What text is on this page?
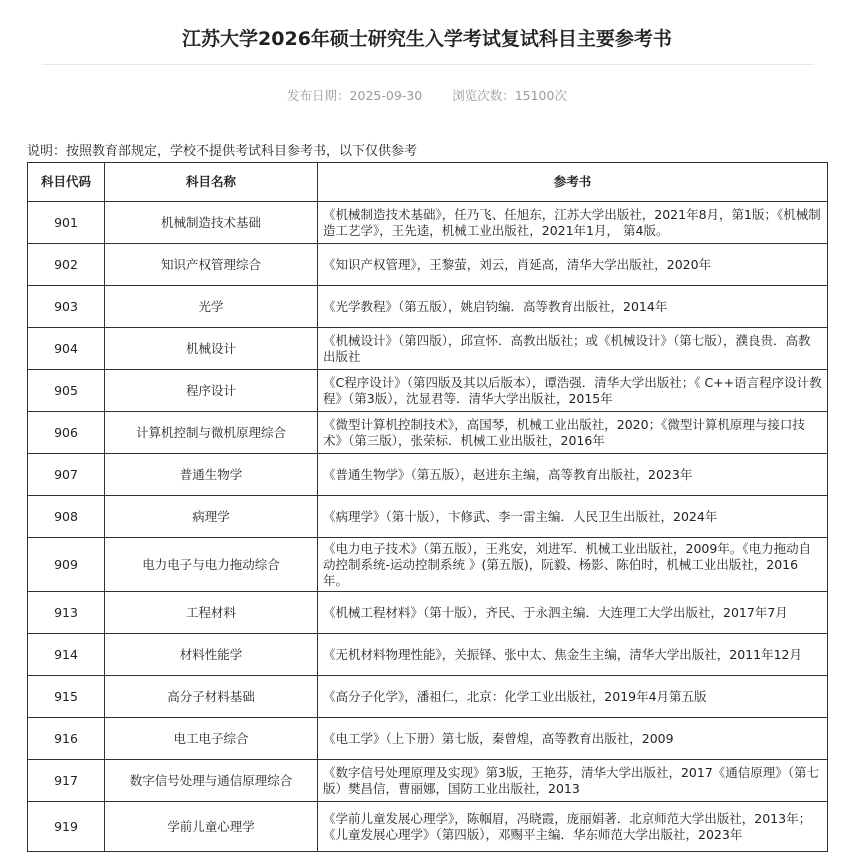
江苏大学2026年硕士研究生入学考试复试科目主要参考书
发布日期：2025-09-30 浏览次数：15100次
说明：按照教育部规定，学校不提供考试科目参考书，以下仅供参考
科目代码	科目名称	参考书
901	机械制造技术基础	《机械制造技术基础》，任乃飞、任旭东，江苏大学出版社，2021年8月，第1版；《机械制造工艺学》，王先逵，机械工业出版社，2021年1月， 第4版。
902	知识产权管理综合	《知识产权管理》，王黎萤，刘云，肖延高，清华大学出版社，2020年
903	光学	《光学教程》（第五版），姚启钧编．高等教育出版社，2014年
904	机械设计	《机械设计》（第四版），邱宣怀．高教出版社；或《机械设计》（第七版），濮良贵．高教出版社
905	程序设计	《C程序设计》（第四版及其以后版本），谭浩强．清华大学出版社；《 C++语言程序设计教程》（第3版），沈显君等．清华大学出版社，2015年
906	计算机控制与微机原理综合	《微型计算机控制技术》，高国琴，机械工业出版社，2020；《微型计算机原理与接口技术》（第三版），张荣标．机械工业出版社，2016年
907	普通生物学	《普通生物学》（第五版），赵进东主编，高等教育出版社，2023年
908	病理学	《病理学》（第十版），卞修武、李一雷主编．人民卫生出版社，2024年
909	电力电子与电力拖动综合	《电力电子技术》（第五版），王兆安，刘进军．机械工业出版社，2009年。《电力拖动自动控制系统-运动控制系统 》(第五版)，阮毅、杨影、陈伯时，机械工业出版社，2016年。
913	工程材料	《机械工程材料》（第十版），齐民、于永泗主编．大连理工大学出版社，2017年7月
914	材料性能学	《无机材料物理性能》，关振铎、张中太、焦金生主编，清华大学出版社，2011年12月
915	高分子材料基础	《高分子化学》，潘祖仁，北京：化学工业出版社，2019年4月第五版
916	电工电子综合	《电工学》（上下册）第七版，秦曾煌，高等教育出版社，2009
917	数字信号处理与通信原理综合	《数字信号处理原理及实现》第3版，王艳芬，清华大学出版社，2017《通信原理》（第七版）樊昌信，曹丽娜，国防工业出版社，2013
919	学前儿童心理学	《学前儿童发展心理学》，陈帼眉，冯晓霞，庞丽娟著．北京师范大学出版社，2013年；《儿童发展心理学》（第四版），邓赐平主编．华东师范大学出版社，2023年
